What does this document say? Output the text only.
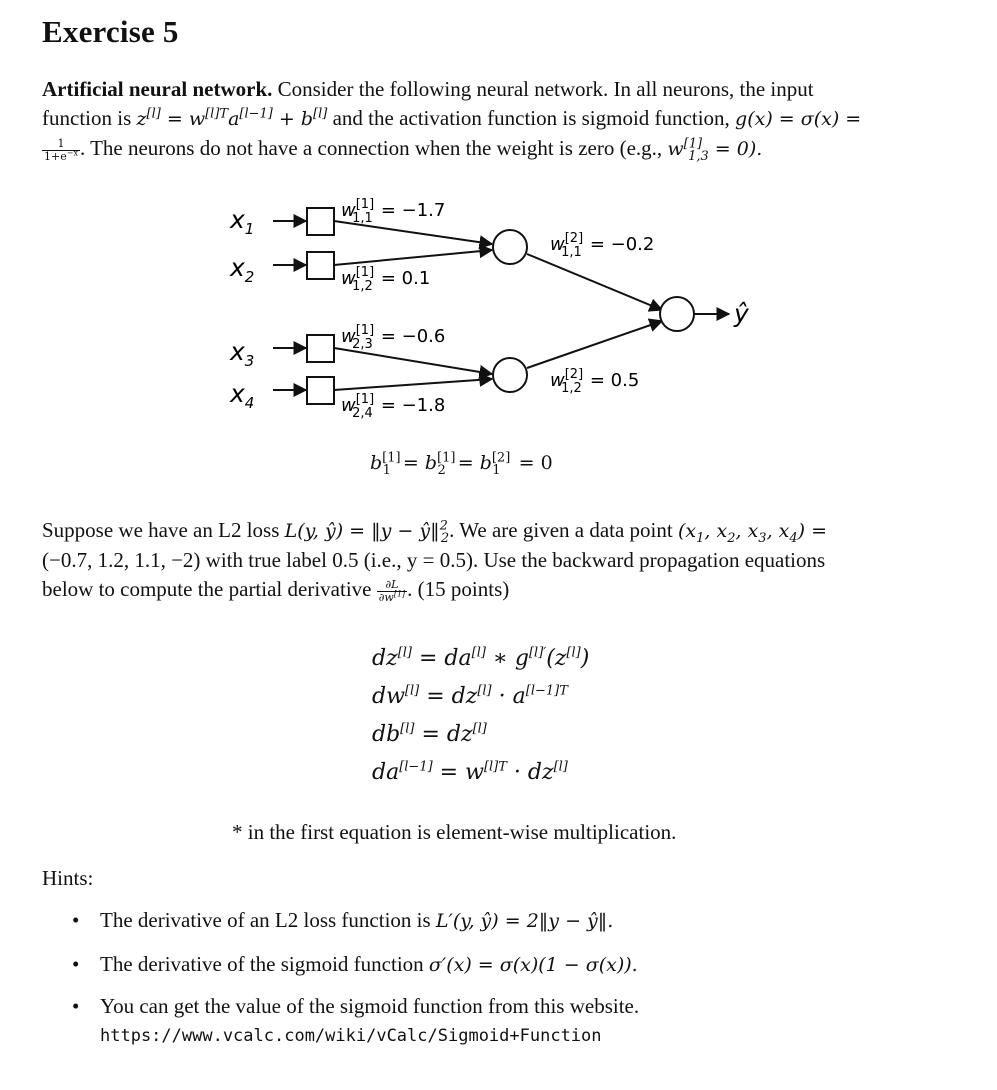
Exercise 5
Artificial neural network. Consider the following neural network. In all neurons, the input
function is $z[l] = w^{[l]T}a[l-1] + b[l]$ and the activation function is sigmoid function, g(x) = σ(x) =
$\frac{1}{1+e^{-x}}$ . The neurons do not have a connection when the weight is zero (e.g., $w[1]_{1,3} = 0$).
$x_1$
$x_2$
$x_3$
$x_4$
ŷ
w[1] 1,1 = −1.7
w[1] 1,2 = 0.1
w[1] 2,3 = −0.6
w[1] 2,4 = −1.8
w[2] 1,1 = −0.2
w[2] 1,2 = 0.5
$b[1]_1 = b[1]_2 = b[2]_1 = 0$
Suppose we have an L2 loss L(y, ŷ) = ‖y − ŷ‖$^2_2$. We are given a data point ($x_1$, $x_2$, $x_3$, $x_4$) =
(−0.7, 1.2, 1.1, −2) with true label 0.5 (i.e., y = 0.5). Use the backward propagation equations
below to compute the partial derivative $\frac{\partial L}{\partial w^{[1]}}$ . (15 points)
dz[l] = da[l] ∗ $g^{[l]'}(z[l])$
$dw[l] = dz[l] \cdot a^{[l-1]T}$
db[l] = dz[l]
$da[l-1] = w^{[l]T} \cdot dz[l]$
* in the first equation is element-wise multiplication.
Hints:
• The derivative of an L2 loss function is L′(y, ŷ) = 2‖y − ŷ‖.
• The derivative of the sigmoid function σ′(x) = σ(x)(1 − σ(x)).
• You can get the value of the sigmoid function from this website.
https://www.vcalc.com/wiki/vCalc/Sigmoid+Function
